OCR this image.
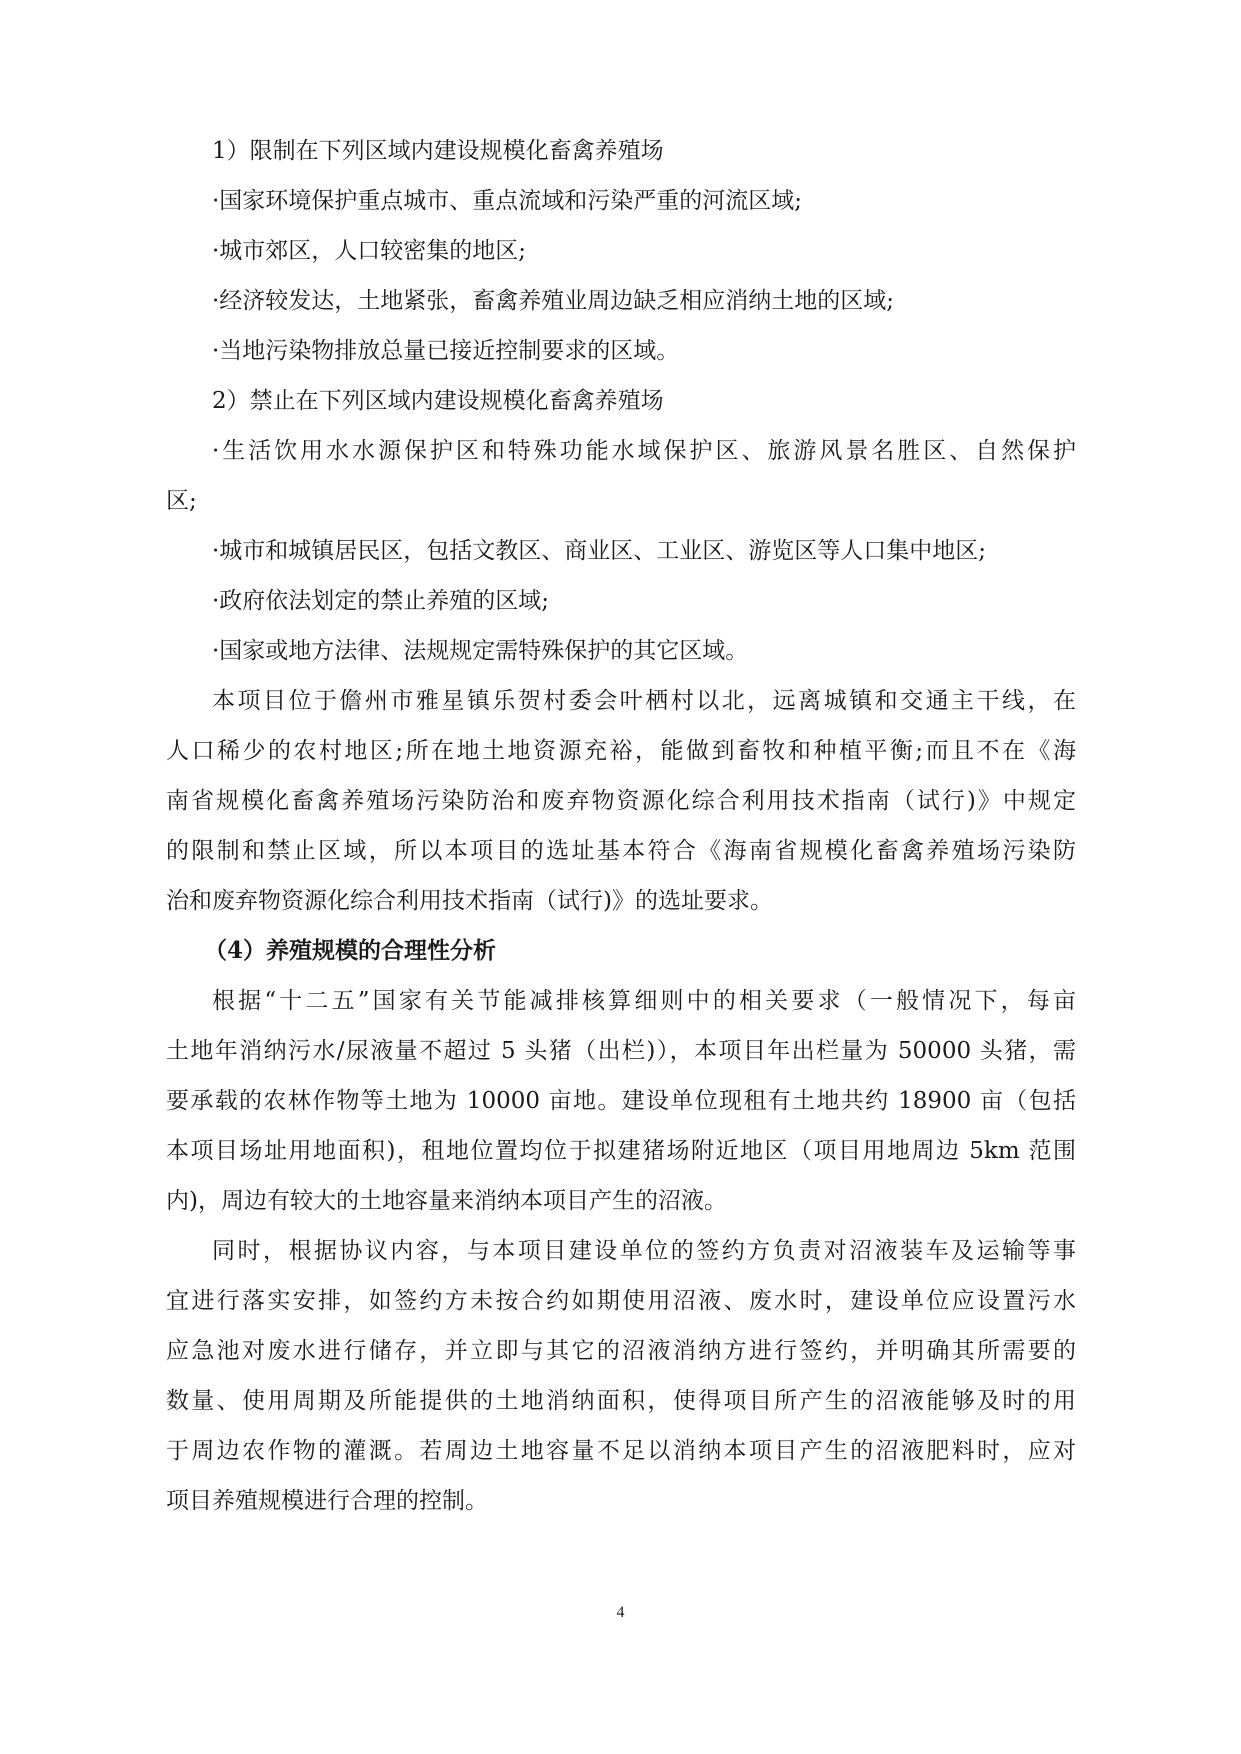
1）限制在下列区域内建设规模化畜禽养殖场
·国家环境保护重点城市、重点流域和污染严重的河流区域;
·城市郊区，人口较密集的地区;
·经济较发达，土地紧张，畜禽养殖业周边缺乏相应消纳土地的区域;
·当地污染物排放总量已接近控制要求的区域。
2）禁止在下列区域内建设规模化畜禽养殖场
·生活饮用水水源保护区和特殊功能水域保护区、旅游风景名胜区、自然保护
区;
·城市和城镇居民区，包括文教区、商业区、工业区、游览区等人口集中地区;
·政府依法划定的禁止养殖的区域;
·国家或地方法律、法规规定需特殊保护的其它区域。
本项目位于儋州市雅星镇乐贺村委会叶栖村以北，远离城镇和交通主干线，在
人口稀少的农村地区;所在地土地资源充裕，能做到畜牧和种植平衡;而且不在《海
南省规模化畜禽养殖场污染防治和废弃物资源化综合利用技术指南（试行)》中规定
的限制和禁止区域，所以本项目的选址基本符合《海南省规模化畜禽养殖场污染防
治和废弃物资源化综合利用技术指南（试行)》的选址要求。
（4）养殖规模的合理性分析
根据“十二五”国家有关节能减排核算细则中的相关要求（一般情况下，每亩
土地年消纳污水/尿液量不超过 5 头猪（出栏)），本项目年出栏量为 50000 头猪，需
要承载的农林作物等土地为 10000 亩地。建设单位现租有土地共约 18900 亩（包括
本项目场址用地面积)，租地位置均位于拟建猪场附近地区（项目用地周边 5km 范围
内)，周边有较大的土地容量来消纳本项目产生的沼液。
同时，根据协议内容，与本项目建设单位的签约方负责对沼液装车及运输等事
宜进行落实安排，如签约方未按合约如期使用沼液、废水时，建设单位应设置污水
应急池对废水进行储存，并立即与其它的沼液消纳方进行签约，并明确其所需要的
数量、使用周期及所能提供的土地消纳面积，使得项目所产生的沼液能够及时的用
于周边农作物的灌溉。若周边土地容量不足以消纳本项目产生的沼液肥料时，应对
项目养殖规模进行合理的控制。
4
